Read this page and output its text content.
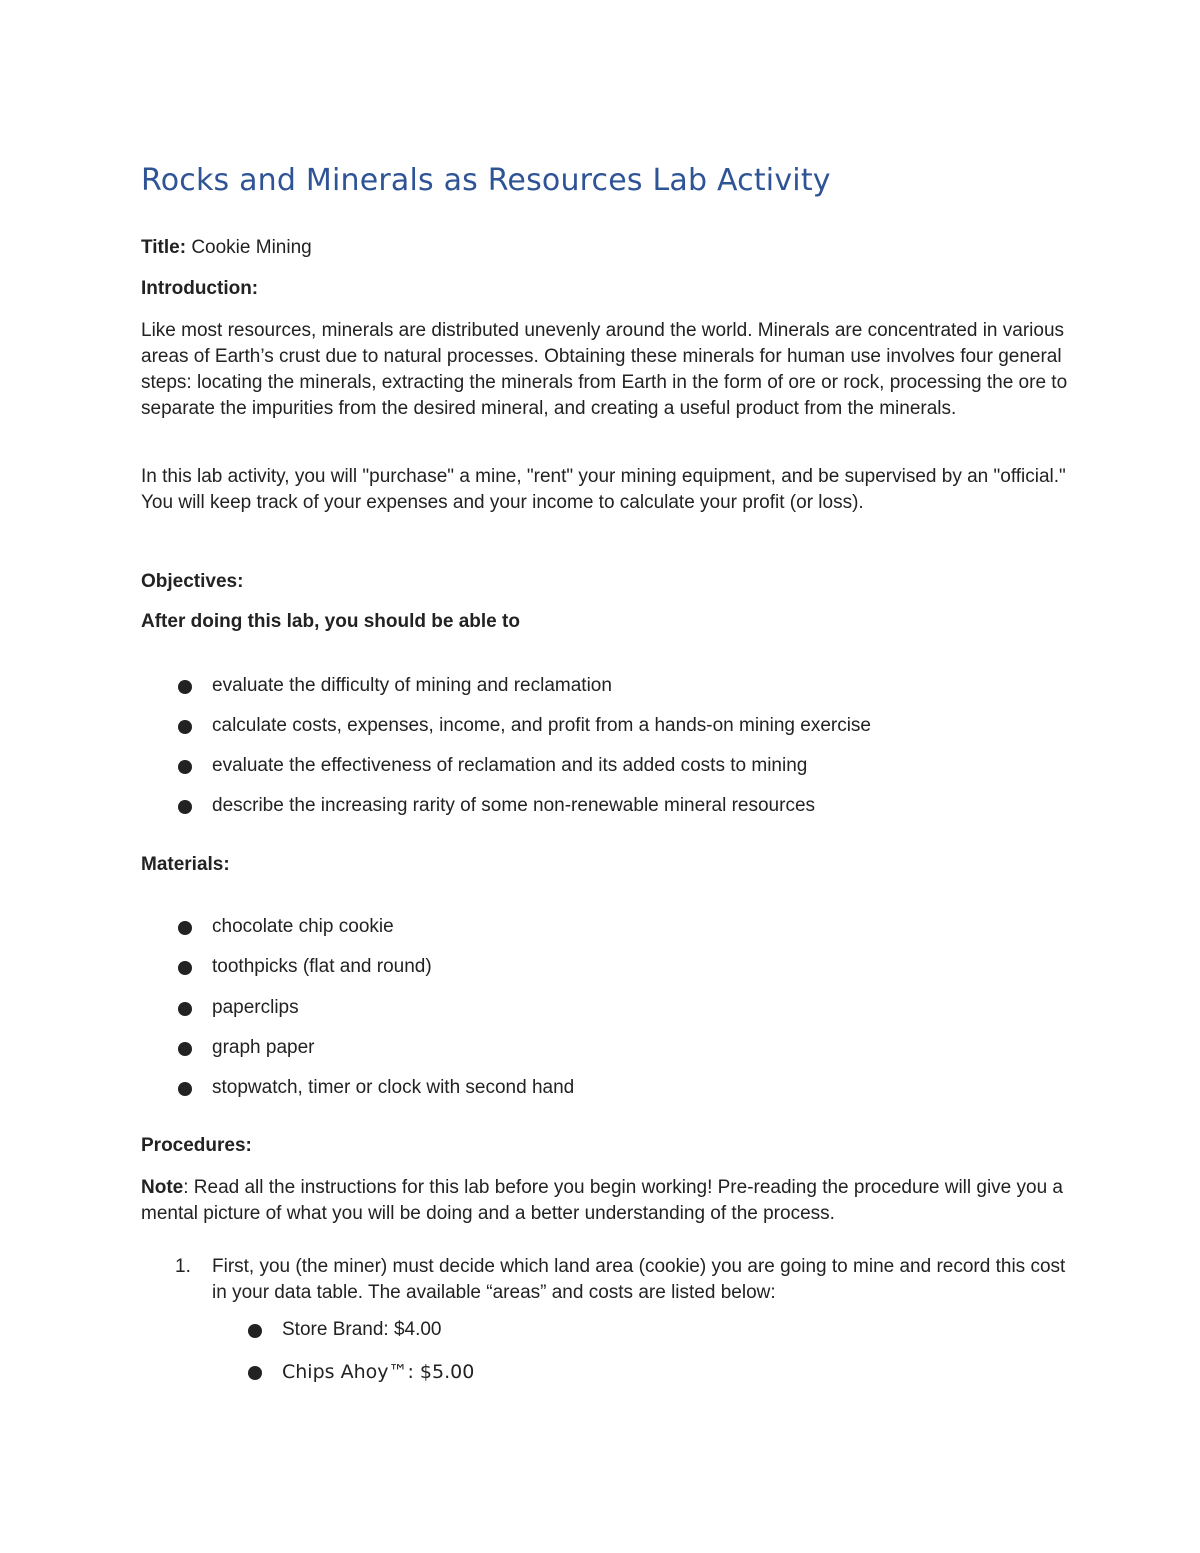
Rocks and Minerals as Resources Lab Activity
Title: Cookie Mining
Introduction:

Like most resources, minerals are distributed unevenly around the world. Minerals are concentrated in various areas of Earth’s crust due to natural processes. Obtaining these minerals for human use involves four general steps: locating the minerals, extracting the minerals from Earth in the form of ore or rock, processing the ore to separate the impurities from the desired mineral, and creating a useful product from the minerals.

In this lab activity, you will "purchase" a mine, "rent" your mining equipment, and be supervised by an "official." You will keep track of your expenses and your income to calculate your profit (or loss).

Objectives:
After doing this lab, you should be able to
evaluate the difficulty of mining and reclamation
calculate costs, expenses, income, and profit from a hands-on mining exercise
evaluate the effectiveness of reclamation and its added costs to mining
describe the increasing rarity of some non-renewable mineral resources
Materials:
chocolate chip cookie
toothpicks (flat and round)
paperclips
graph paper
stopwatch, timer or clock with second hand
Procedures:

Note: Read all the instructions for this lab before you begin working! Pre-reading the procedure will give you a mental picture of what you will be doing and a better understanding of the process.

1. First, you (the miner) must decide which land area (cookie) you are going to mine and record this cost in your data table. The available “areas” and costs are listed below:
Store Brand: $4.00
Chips Ahoy™: $5.00
